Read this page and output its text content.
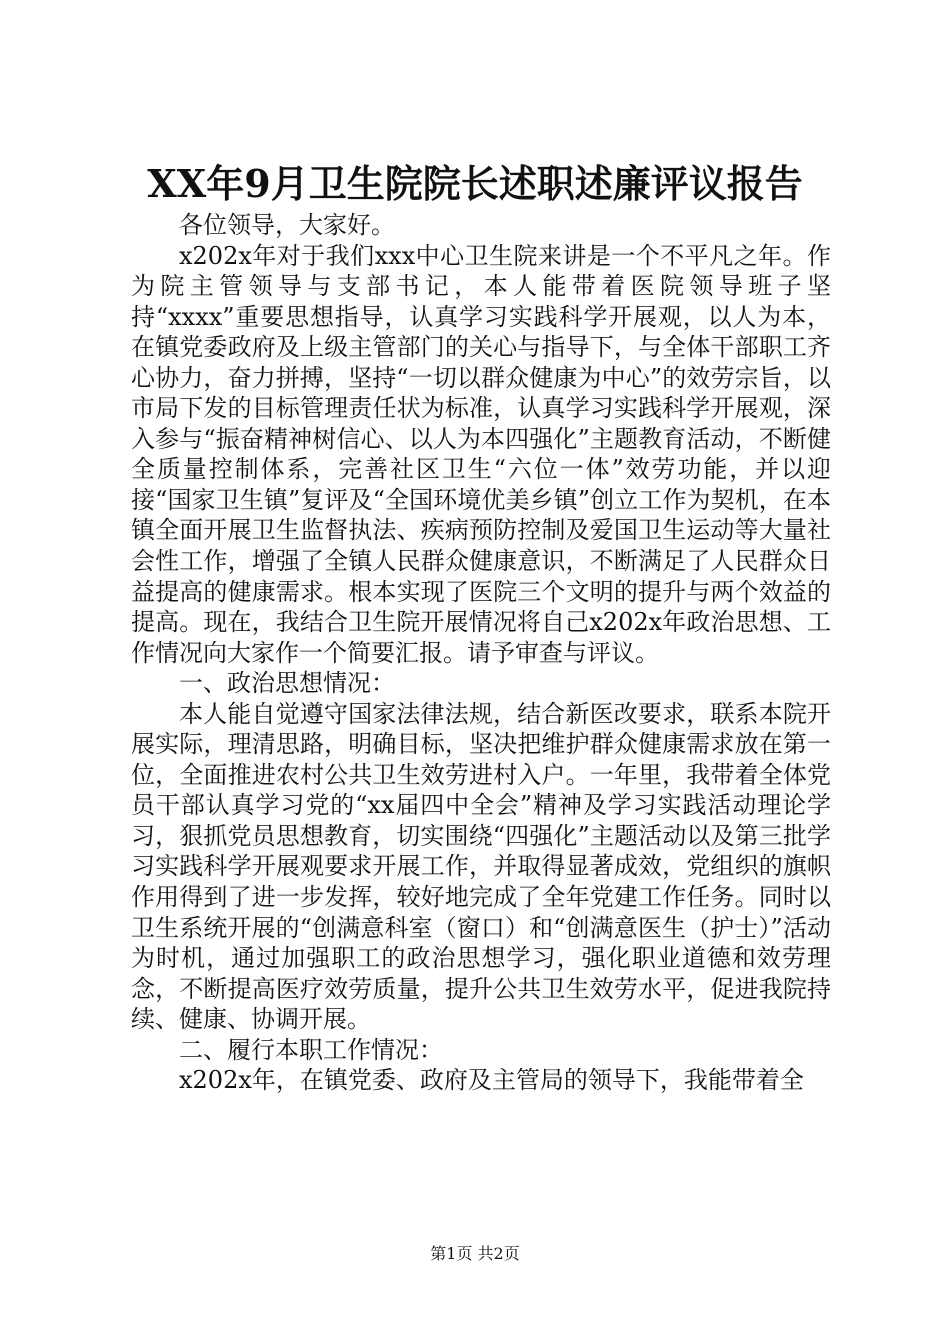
XX年9月卫生院院长述职述廉评议报告

各位领导，大家好。

x202x年对于我们xxx中心卫生院来讲是一个不平凡之年。作为院主管领导与支部书记，本人能带着医院领导班子坚持“xxxx”重要思想指导，认真学习实践科学开展观，以人为本，在镇党委政府及上级主管部门的关心与指导下，与全体干部职工齐心协力，奋力拼搏，坚持“一切以群众健康为中心”的效劳宗旨，以市局下发的目标管理责任状为标准，认真学习实践科学开展观，深入参与“振奋精神树信心、以人为本四强化”主题教育活动，不断健全质量控制体系，完善社区卫生“六位一体”效劳功能，并以迎接“国家卫生镇”复评及“全国环境优美乡镇”创立工作为契机，在本镇全面开展卫生监督执法、疾病预防控制及爱国卫生运动等大量社会性工作，增强了全镇人民群众健康意识，不断满足了人民群众日益提高的健康需求。根本实现了医院三个文明的提升与两个效益的提高。现在，我结合卫生院开展情况将自己x202x年政治思想、工作情况向大家作一个简要汇报。请予审查与评议。

一、政治思想情况：

本人能自觉遵守国家法律法规，结合新医改要求，联系本院开展实际，理清思路，明确目标，坚决把维护群众健康需求放在第一位，全面推进农村公共卫生效劳进村入户。一年里，我带着全体党员干部认真学习党的“xx届四中全会”精神及学习实践活动理论学习，狠抓党员思想教育，切实围绕“四强化”主题活动以及第三批学习实践科学开展观要求开展工作，并取得显著成效，党组织的旗帜作用得到了进一步发挥，较好地完成了全年党建工作任务。同时以卫生系统开展的“创满意科室（窗口）和“创满意医生（护士）”活动为时机，通过加强职工的政治思想学习，强化职业道德和效劳理念，不断提高医疗效劳质量，提升公共卫生效劳水平，促进我院持续、健康、协调开展。

二、履行本职工作情况：

x202x年，在镇党委、政府及主管局的领导下，我能带着全

第1页 共2页
